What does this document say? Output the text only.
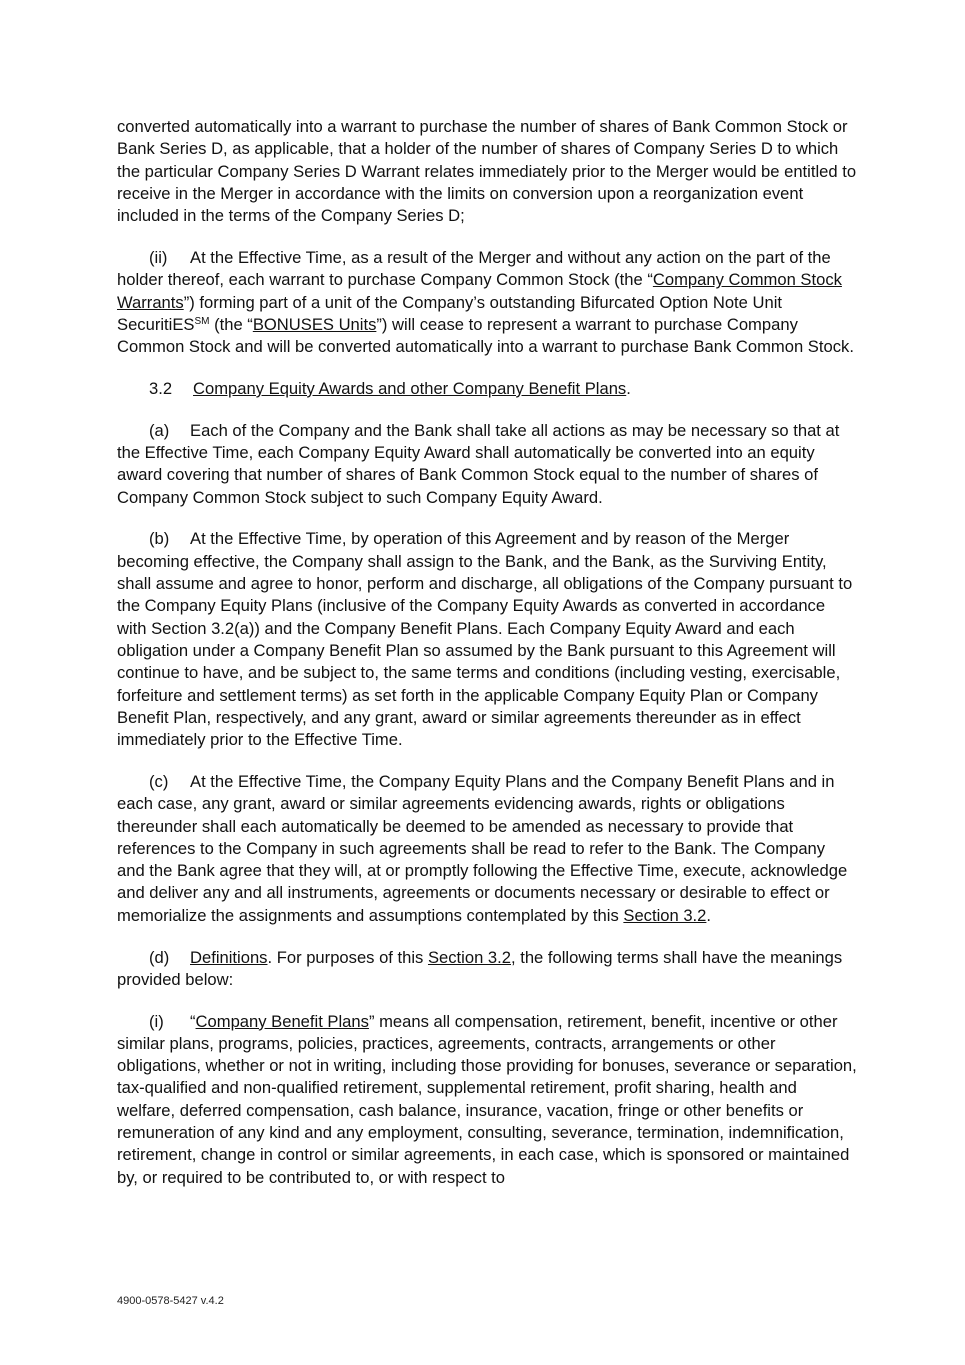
converted automatically into a warrant to purchase the number of shares of Bank Common Stock or Bank Series D, as applicable, that a holder of the number of shares of Company Series D to which the particular Company Series D Warrant relates immediately prior to the Merger would be entitled to receive in the Merger in accordance with the limits on conversion upon a reorganization event included in the terms of the Company Series D;

(ii) At the Effective Time, as a result of the Merger and without any action on the part of the holder thereof, each warrant to purchase Company Common Stock (the “Company Common Stock Warrants”) forming part of a unit of the Company’s outstanding Bifurcated Option Note Unit SecuritiES℠ (the “BONUSES Units”) will cease to represent a warrant to purchase Company Common Stock and will be converted automatically into a warrant to purchase Bank Common Stock.

3.2 Company Equity Awards and other Company Benefit Plans.

(a) Each of the Company and the Bank shall take all actions as may be necessary so that at the Effective Time, each Company Equity Award shall automatically be converted into an equity award covering that number of shares of Bank Common Stock equal to the number of shares of Company Common Stock subject to such Company Equity Award.

(b) At the Effective Time, by operation of this Agreement and by reason of the Merger becoming effective, the Company shall assign to the Bank, and the Bank, as the Surviving Entity, shall assume and agree to honor, perform and discharge, all obligations of the Company pursuant to the Company Equity Plans (inclusive of the Company Equity Awards as converted in accordance with Section 3.2(a)) and the Company Benefit Plans. Each Company Equity Award and each obligation under a Company Benefit Plan so assumed by the Bank pursuant to this Agreement will continue to have, and be subject to, the same terms and conditions (including vesting, exercisable, forfeiture and settlement terms) as set forth in the applicable Company Equity Plan or Company Benefit Plan, respectively, and any grant, award or similar agreements thereunder as in effect immediately prior to the Effective Time.

(c) At the Effective Time, the Company Equity Plans and the Company Benefit Plans and in each case, any grant, award or similar agreements evidencing awards, rights or obligations thereunder shall each automatically be deemed to be amended as necessary to provide that references to the Company in such agreements shall be read to refer to the Bank. The Company and the Bank agree that they will, at or promptly following the Effective Time, execute, acknowledge and deliver any and all instruments, agreements or documents necessary or desirable to effect or memorialize the assignments and assumptions contemplated by this Section 3.2.

(d) Definitions. For purposes of this Section 3.2, the following terms shall have the meanings provided below:

(i) “Company Benefit Plans” means all compensation, retirement, benefit, incentive or other similar plans, programs, policies, practices, agreements, contracts, arrangements or other obligations, whether or not in writing, including those providing for bonuses, severance or separation, tax-qualified and non-qualified retirement, supplemental retirement, profit sharing, health and welfare, deferred compensation, cash balance, insurance, vacation, fringe or other benefits or remuneration of any kind and any employment, consulting, severance, termination, indemnification, retirement, change in control or similar agreements, in each case, which is sponsored or maintained by, or required to be contributed to, or with respect to

4900-0578-5427 v.4.2
